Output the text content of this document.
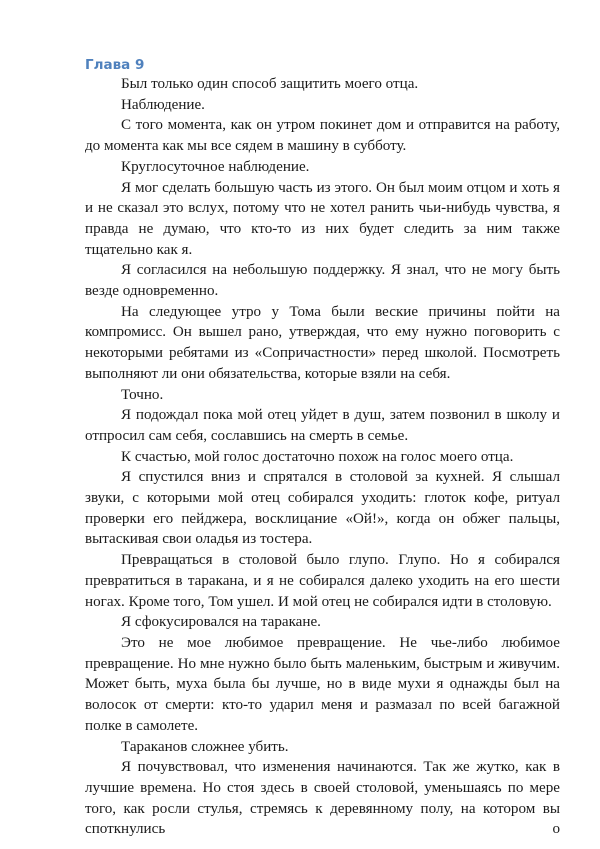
Глава 9

Был только один способ защитить моего отца.

Наблюдение.

С того момента, как он утром покинет дом и отправится на работу, до момента как мы все сядем в машину в субботу.

Круглосуточное наблюдение.

Я мог сделать большую часть из этого. Он был моим отцом и хоть я и не сказал это вслух, потому что не хотел ранить чьи-нибудь чувства, я правда не думаю, что кто-то из них будет следить за ним также тщательно как я.

Я согласился на небольшую поддержку. Я знал, что не могу быть везде одновременно.

На следующее утро у Тома были веские причины пойти на компромисс. Он вышел рано, утверждая, что ему нужно поговорить с некоторыми ребятами из «Сопричастности» перед школой. Посмотреть выполняют ли они обязательства, которые взяли на себя.

Точно.

Я подождал пока мой отец уйдет в душ, затем позвонил в школу и отпросил сам себя, сославшись на смерть в семье.

К счастью, мой голос достаточно похож на голос моего отца.

Я спустился вниз и спрятался в столовой за кухней. Я слышал звуки, с которыми мой отец собирался уходить: глоток кофе, ритуал проверки его пейджера, восклицание «Ой!», когда он обжег пальцы, вытаскивая свои оладья из тостера.

Превращаться в столовой было глупо. Глупо. Но я собирался превратиться в таракана, и я не собирался далеко уходить на его шести ногах. Кроме того, Том ушел. И мой отец не собирался идти в столовую.

Я сфокусировался на таракане.

Это не мое любимое превращение. Не чье-либо любимое превращение. Но мне нужно было быть маленьким, быстрым и живучим. Может быть, муха была бы лучше, но в виде мухи я однажды был на волосок от смерти: кто-то ударил меня и размазал по всей багажной полке в самолете.

Тараканов сложнее убить.

Я почувствовал, что изменения начинаются. Так же жутко, как в лучшие времена. Но стоя здесь в своей столовой, уменьшаясь по мере того, как росли стулья, стремясь к деревянному полу, на котором вы споткнулись о
